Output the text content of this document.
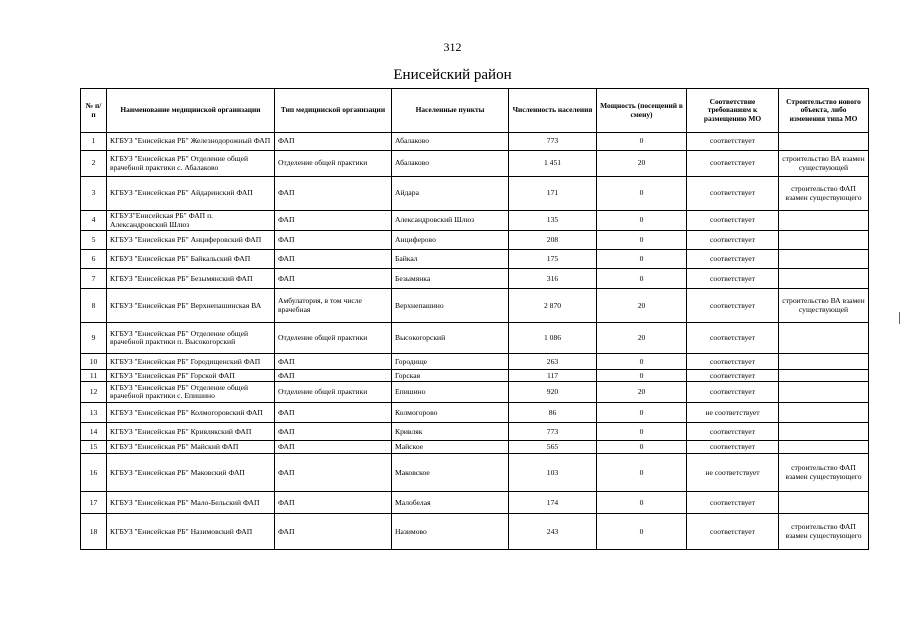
312
Енисейский район
№ п/п	Наименование медицинской организации	Тип медицинской организации	Населенные пункты	Численность населения	Мощность (посещений в смену)	Соответствие требованиям к размещению МО	Строительство нового объекта, либо изменения типа МО
1	КГБУЗ "Енисейская РБ" Железнодорожный ФАП	ФАП	Абалаково	773	0	соответствует	
2	КГБУЗ "Енисейская РБ" Отделение общей врачебной практики с. Абалаково	Отделение общей практики	Абалаково	1 451	20	соответствует	строительство ВА взамен существующей
3	КГБУЗ "Енисейская РБ" Айдаринский ФАП	ФАП	Айдара	171	0	соответствует	строительство ФАП взамен существующего
4	КГБУЗ"Енисейская РБ" ФАП п. Александровский Шлюз	ФАП	Александровский Шлюз	135	0	соответствует	
5	КГБУЗ "Енисейская РБ" Анциферовский ФАП	ФАП	Анциферово	208	0	соответствует	
6	КГБУЗ "Енисейская РБ" Байкальский ФАП	ФАП	Байкал	175	0	соответствует	
7	КГБУЗ "Енисейская РБ" Безымянский ФАП	ФАП	Безымянка	316	0	соответствует	
8	КГБУЗ "Енисейская РБ" Верхнепашинская ВА	Амбулатория, в том числе врачебная	Верхнепашино	2 870	20	соответствует	строительство ВА взамен существующей
9	КГБУЗ "Енисейская РБ" Отделение общей врачебной практики п. Высокогорский	Отделение общей практики	Высокогорский	1 086	20	соответствует	
10	КГБУЗ "Енисейская РБ" Городищенский ФАП	ФАП	Городище	263	0	соответствует	
11	КГБУЗ "Енисейская РБ" Горской ФАП	ФАП	Горская	117	0	соответствует	
12	КГБУЗ "Енисейская РБ" Отделение общей врачебной практики с. Епишино	Отделение общей практики	Епишино	920	20	соответствует	
13	КГБУЗ "Енисейская РБ" Колмогоровский ФАП	ФАП	Колмогорово	86	0	не соответствует	
14	КГБУЗ "Енисейская РБ" Кривлякский ФАП	ФАП	Кривляк	773	0	соответствует	
15	КГБУЗ "Енисейская РБ" Майский ФАП	ФАП	Майское	565	0	соответствует	
16	КГБУЗ "Енисейская РБ" Маковский ФАП	ФАП	Маковское	103	0	не соответствует	строительство ФАП взамен существующего
17	КГБУЗ "Енисейская РБ" Мало-Бельский ФАП	ФАП	Малобелая	174	0	соответствует	
18	КГБУЗ "Енисейская РБ" Назимовский ФАП	ФАП	Назимово	243	0	соответствует	строительство ФАП взамен существующего
